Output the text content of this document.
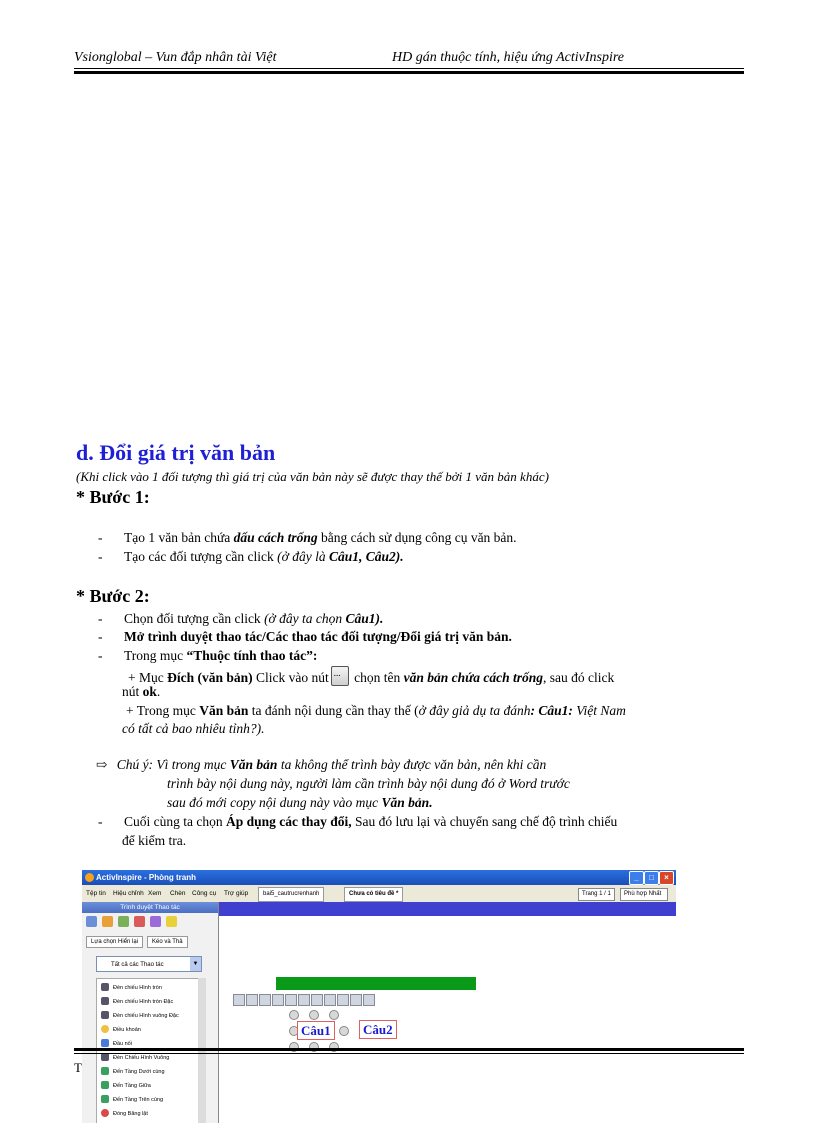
Vsionglobal – Vun đắp nhân tài Việt	HD gán thuộc tính, hiệu ứng ActivInspire
d. Đổi giá trị văn bản
(Khi click vào 1 đối tượng thì giá trị của văn bản này sẽ được thay thế bởi 1 văn bản khác)
* Bước 1:
- Tạo 1 văn bản chứa dấu cách trống bằng cách sử dụng công cụ văn bản.
- Tạo các đối tượng cần click (ở đây là Câu1, Câu2).
* Bước 2:
- Chọn đối tượng cần click (ở đây ta chọn Câu1).
- Mở trình duyệt thao tác/Các thao tác đối tượng/Đổi giá trị văn bản.
- Trong mục “Thuộc tính thao tác”:
+ Mục Đích (văn bản) Click vào nút... chọn tên văn bản chứa cách trống, sau đó click
nút ok.
+ Trong mục Văn bản ta đánh nội dung cần thay thế (ở đây giả dụ ta đánh: Câu1: Việt Nam
có tất cả bao nhiêu tỉnh?).
⇨ Chú ý: Vì trong mục Văn bản ta không thể trình bày được văn bản, nên khi cần
trình bày nội dung này, người làm cần trình bày nội dung đó ở Word trước
sau đó mới copy nội dung này vào mục Văn bản.
- Cuối cùng ta chọn Áp dụng các thay đổi, Sau đó lưu lại và chuyển sang chế độ trình chiếu
để kiểm tra.
ActivInspire - Phòng tranh	_	□	×
Tệp tin Hiệu chỉnh Xem Chèn Công cụ Trợ giúp	bai5_cautrucrenhanh	Chưa có tiêu đề *	Trang 1 / 1	Phù hợp Nhất
Trình duyệt Thao tác

Lựa chọn Hiển lại Kéo và Thả
Tất cả các Thao tác	▼
Đèn chiếu Hình tròn
Đèn chiếu Hình tròn Đặc
Đèn chiếu Hình vuông Đặc
Điều khoản
Đầu nối
Đèn Chiếu Hình Vuông
Đến Tầng Dưới cùng
Đến Tầng Giữa
Đến Tầng Trên cùng
Đóng Băng lật
Câu1	Câu2
T
